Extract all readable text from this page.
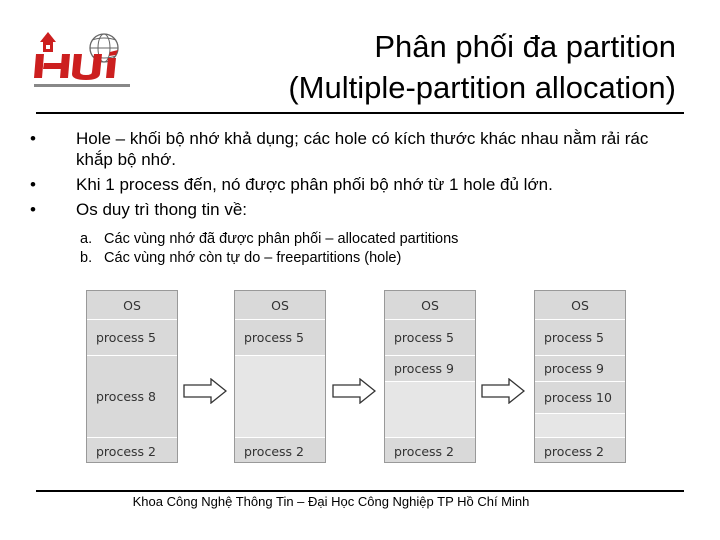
Phân phối đa partition
(Multiple-partition allocation)
•	Hole – khối bộ nhớ khả dụng; các hole có kích thước khác nhau nằm rải rác khắp bộ nhớ.
•	Khi 1 process đến, nó được phân phối bộ nhớ từ 1 hole đủ lớn.
•	Os duy trì thong tin về:
a. Các vùng nhớ đã được phân phối – allocated partitions
b. Các vùng nhớ còn tự do – freepartitions (hole)
OS
process 5
process 8
process 2
OS
process 5
process 2
OS
process 5
process 9
process 2
OS
process 5
process 9
process 10
process 2
Khoa Công Nghệ Thông Tin – Đại Học Công Nghiệp TP Hồ Chí Minh
